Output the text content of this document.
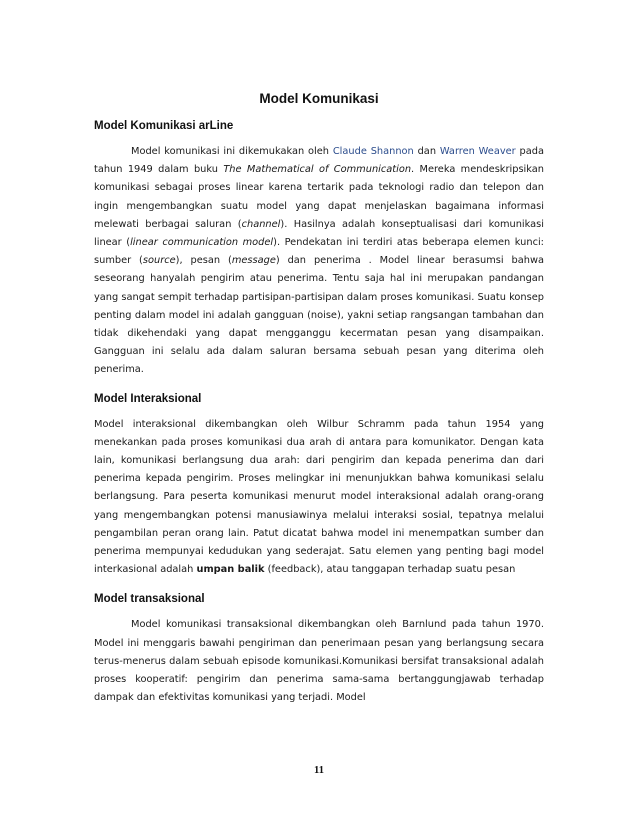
Model Komunikasi
Model Komunikasi arLine

Model komunikasi ini dikemukakan oleh Claude Shannon dan Warren Weaver pada tahun 1949 dalam buku The Mathematical of Communication. Mereka mendeskripsikan komunikasi sebagai proses linear karena tertarik pada teknologi radio dan telepon dan ingin mengembangkan suatu model yang dapat menjelaskan bagaimana informasi melewati berbagai saluran (channel). Hasilnya adalah konseptualisasi dari komunikasi linear (linear communication model). Pendekatan ini terdiri atas beberapa elemen kunci: sumber (source), pesan (message) dan penerima . Model linear berasumsi bahwa seseorang hanyalah pengirim atau penerima. Tentu saja hal ini merupakan pandangan yang sangat sempit terhadap partisipan-partisipan dalam proses komunikasi. Suatu konsep penting dalam model ini adalah gangguan (noise), yakni setiap rangsangan tambahan dan tidak dikehendaki yang dapat mengganggu kecermatan pesan yang disampaikan. Gangguan ini selalu ada dalam saluran bersama sebuah pesan yang diterima oleh penerima.

Model Interaksional

Model interaksional dikembangkan oleh Wilbur Schramm pada tahun 1954 yang menekankan pada proses komunikasi dua arah di antara para komunikator. Dengan kata lain, komunikasi berlangsung dua arah: dari pengirim dan kepada penerima dan dari penerima kepada pengirim. Proses melingkar ini menunjukkan bahwa komunikasi selalu berlangsung. Para peserta komunikasi menurut model interaksional adalah orang-orang yang mengembangkan potensi manusiawinya melalui interaksi sosial, tepatnya melalui pengambilan peran orang lain. Patut dicatat bahwa model ini menempatkan sumber dan penerima mempunyai kedudukan yang sederajat. Satu elemen yang penting bagi model interkasional adalah umpan balik (feedback), atau tanggapan terhadap suatu pesan

Model transaksional

Model komunikasi transaksional dikembangkan oleh Barnlund pada tahun 1970. Model ini menggaris bawahi pengiriman dan penerimaan pesan yang berlangsung secara terus-menerus dalam sebuah episode komunikasi.Komunikasi bersifat transaksional adalah proses kooperatif: pengirim dan penerima sama-sama bertanggungjawab terhadap dampak dan efektivitas komunikasi yang terjadi. Model

11
